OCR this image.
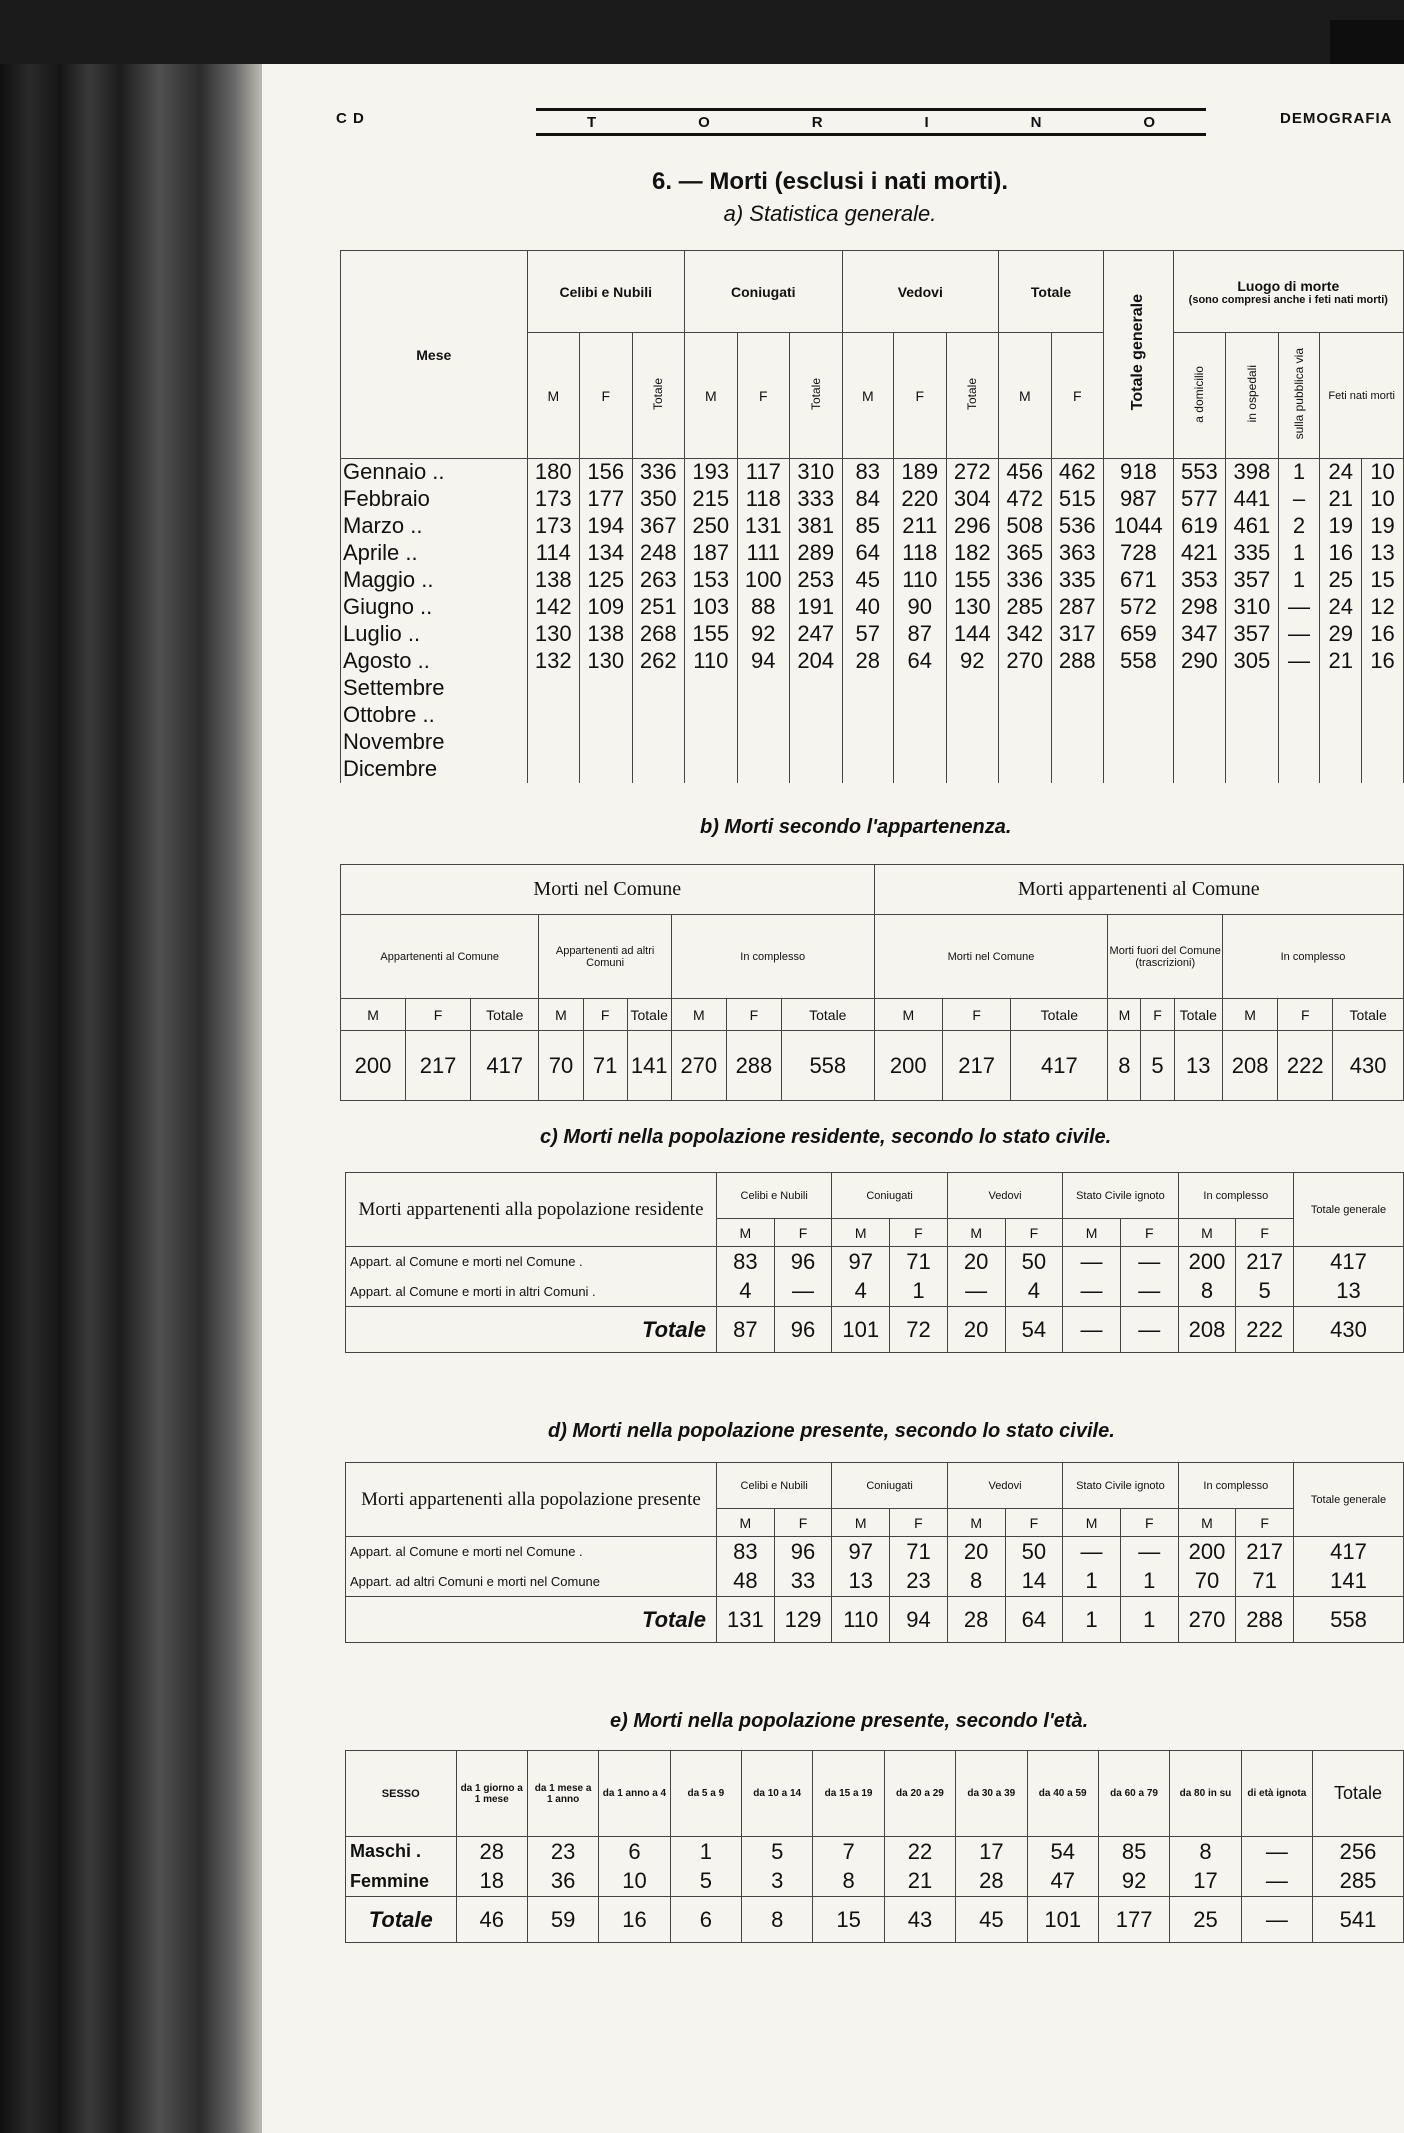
C D	T	O	R	I	N	O	DEMOGRAFIA
6. — Morti (esclusi i nati morti).
a) Statistica generale.
Mese	Celibi e Nubili			Coniugati			Vedovi			Totale		Totale generale	Luogo di morte
(sono compresi anche i feti nati morti)				

	M	F	Totale	M	F	Totale	M	F	Totale	M	F		a domicilio	in ospedali	sulla pubblica via	Feti nati morti	
Gennaio ..	180	156	336	193	117	310	83	189	272	456	462	918	553	398	1	24	10
Febbraio	173	177	350	215	118	333	84	220	304	472	515	987	577	441	–	21	10
Marzo ..	173	194	367	250	131	381	85	211	296	508	536	1044	619	461	2	19	19
Aprile ..	114	134	248	187	111	289	64	118	182	365	363	728	421	335	1	16	13
Maggio ..	138	125	263	153	100	253	45	110	155	336	335	671	353	357	1	25	15
Giugno ..	142	109	251	103	88	191	40	90	130	285	287	572	298	310	—	24	12
Luglio ..	130	138	268	155	92	247	57	87	144	342	317	659	347	357	—	29	16
Agosto ..	132	130	262	110	94	204	28	64	92	270	288	558	290	305	—	21	16
Settembre																	
Ottobre ..																	
Novembre																	
Dicembre																	
b) Morti secondo l'appartenenza.
Morti nel Comune									Morti appartenenti al Comune								
Appartenenti al Comune			Appartenenti ad altri Comuni			In complesso			Morti nel Comune			Morti fuori del Comune (trascrizioni)			In complesso		
M	F	Totale	M	F	Totale	M	F	Totale	M	F	Totale	M	F	Totale	M	F	Totale
200	217	417	70	71	141	270	288	558	200	217	417	8	5	13	208	222	430
c) Morti nella popolazione residente, secondo lo stato civile.
Morti appartenenti alla popolazione residente	Celibi e Nubili		Coniugati		Vedovi		Stato Civile ignoto		In complesso		Totale generale
	M	F	M	F	M	F	M	F	M	F	
Appart. al Comune e morti nel Comune .	83	96	97	71	20	50	—	—	200	217	417
Appart. al Comune e morti in altri Comuni .	4	—	4	1	—	4	—	—	8	5	13
Totale	87	96	101	72	20	54	—	—	208	222	430
d) Morti nella popolazione presente, secondo lo stato civile.
Morti appartenenti alla popolazione presente	Celibi e Nubili		Coniugati		Vedovi		Stato Civile ignoto		In complesso		Totale generale
	M	F	M	F	M	F	M	F	M	F	
Appart. al Comune e morti nel Comune .	83	96	97	71	20	50	—	—	200	217	417
Appart. ad altri Comuni e morti nel Comune	48	33	13	23	8	14	1	1	70	71	141
Totale	131	129	110	94	28	64	1	1	270	288	558
e) Morti nella popolazione presente, secondo l'età.
SESSO	da 1 giorno a 1 mese	da 1 mese a 1 anno	da 1 anno a 4	da 5 a 9	da 10 a 14	da 15 a 19	da 20 a 29	da 30 a 39	da 40 a 59	da 60 a 79	da 80 in su	di età ignota	Totale
Maschi .	28	23	6	1	5	7	22	17	54	85	8	—	256
Femmine	18	36	10	5	3	8	21	28	47	92	17	—	285
Totale	46	59	16	6	8	15	43	45	101	177	25	—	541
